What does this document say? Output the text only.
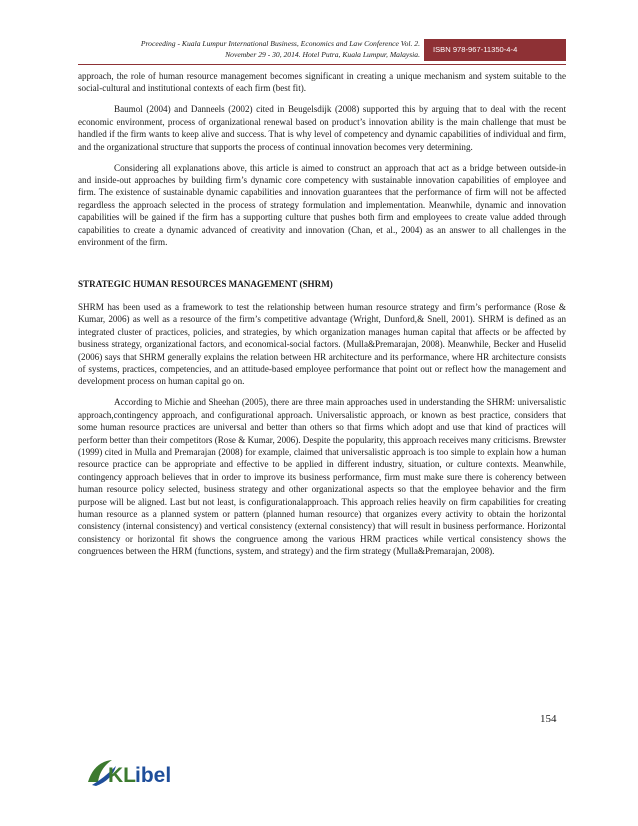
Proceeding - Kuala Lumpur International Business, Economics and Law Conference Vol. 2.
November 29 - 30, 2014. Hotel Putra, Kuala Lumpur, Malaysia.
ISBN 978-967-11350-4-4

approach, the role of human resource management becomes significant in creating a unique mechanism and system suitable to the social-cultural and institutional contexts of each firm (best fit).

Baumol (2004) and Danneels (2002) cited in Beugelsdijk (2008) supported this by arguing that to deal with the recent economic environment, process of organizational renewal based on product’s innovation ability is the main challenge that must be handled if the firm wants to keep alive and success. That is why level of competency and dynamic capabilities of individual and firm, and the organizational structure that supports the process of continual innovation becomes very determining.

Considering all explanations above, this article is aimed to construct an approach that act as a bridge between outside-in and inside-out approaches by building firm’s dynamic core competency with sustainable innovation capabilities of employee and firm. The existence of sustainable dynamic capabilities and innovation guarantees that the performance of firm will not be affected regardless the approach selected in the process of strategy formulation and implementation. Meanwhile, dynamic and innovation capabilities will be gained if the firm has a supporting culture that pushes both firm and employees to create value added through capabilities to create a dynamic advanced of creativity and innovation (Chan, et al., 2004) as an answer to all challenges in the environment of the firm.

STRATEGIC HUMAN RESOURCES MANAGEMENT (SHRM)

SHRM has been used as a framework to test the relationship between human resource strategy and firm’s performance (Rose & Kumar, 2006) as well as a resource of the firm’s competitive advantage (Wright, Dunford,& Snell, 2001). SHRM is defined as an integrated cluster of practices, policies, and strategies, by which organization manages human capital that affects or be affected by business strategy, organizational factors, and economical-social factors. (Mulla&Premarajan, 2008). Meanwhile, Becker and Huselid (2006) says that SHRM generally explains the relation between HR architecture and its performance, where HR architecture consists of systems, practices, competencies, and an attitude-based employee performance that point out or reflect how the management and development process on human capital go on.

According to Michie and Sheehan (2005), there are three main approaches used in understanding the SHRM: universalistic approach,contingency approach, and configurational approach. Universalistic approach, or known as best practice, considers that some human resource practices are universal and better than others so that firms which adopt and use that kind of practices will perform better than their competitors (Rose & Kumar, 2006). Despite the popularity, this approach receives many criticisms. Brewster (1999) cited in Mulla and Premarajan (2008) for example, claimed that universalistic approach is too simple to explain how a human resource practice can be appropriate and effective to be applied in different industry, situation, or culture contexts. Meanwhile, contingency approach believes that in order to improve its business performance, firm must make sure there is coherency between human resource policy selected, business strategy and other organizational aspects so that the employee behavior and the firm purpose will be aligned. Last but not least, is configurationalapproach. This approach relies heavily on firm capabilities for creating human resource as a planned system or pattern (planned human resource) that organizes every activity to obtain the horizontal consistency (internal consistency) and vertical consistency (external consistency) that will result in business performance. Horizontal consistency or horizontal fit shows the congruence among the various HRM practices while vertical consistency shows the congruences between the HRM (functions, system, and strategy) and the firm strategy (Mulla&Premarajan, 2008).

154
KL ibel
